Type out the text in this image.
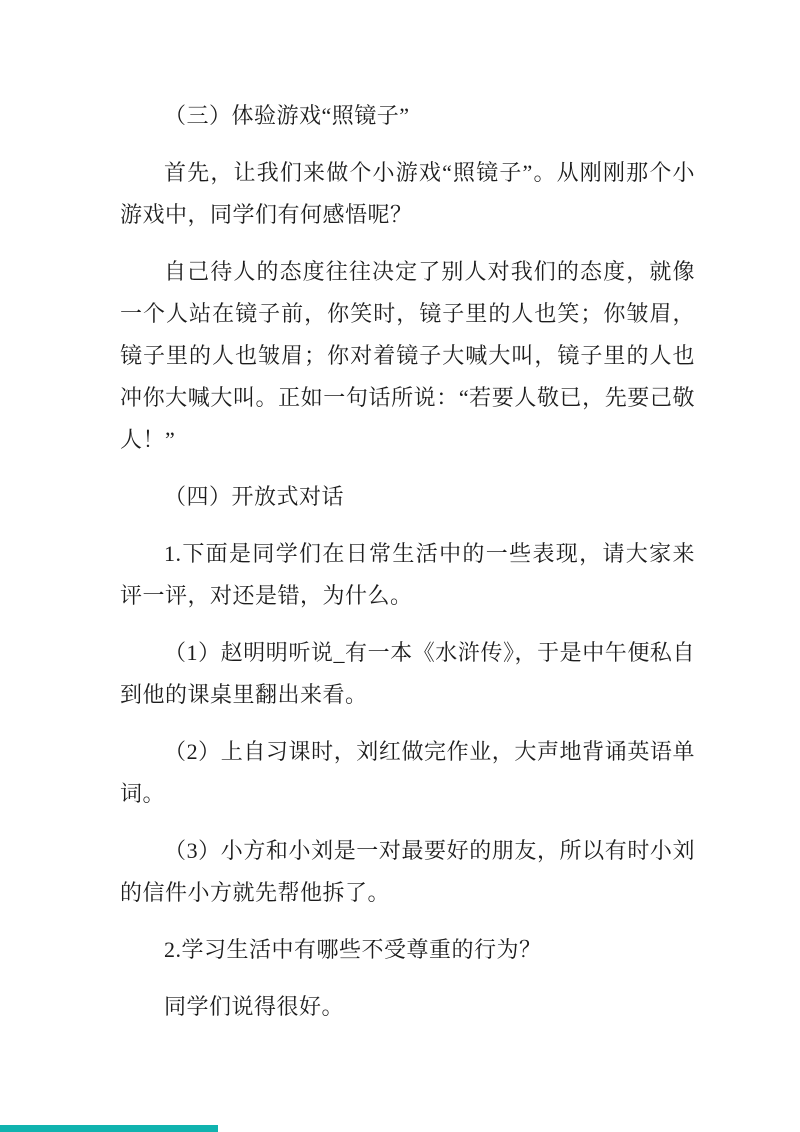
（三）体验游戏“照镜子”

首先，让我们来做个小游戏“照镜子”。从刚刚那个小游戏中，同学们有何感悟呢？

自己待人的态度往往决定了别人对我们的态度，就像一个人站在镜子前，你笑时，镜子里的人也笑；你皱眉，镜子里的人也皱眉；你对着镜子大喊大叫，镜子里的人也冲你大喊大叫。正如一句话所说：“若要人敬已，先要己敬人！”

（四）开放式对话

1.下面是同学们在日常生活中的一些表现，请大家来评一评，对还是错，为什么。

（1）赵明明听说_有一本《水浒传》，于是中午便私自到他的课桌里翻出来看。

（2）上自习课时，刘红做完作业，大声地背诵英语单词。

（3）小方和小刘是一对最要好的朋友，所以有时小刘的信件小方就先帮他拆了。

2.学习生活中有哪些不受尊重的行为？

同学们说得很好。
